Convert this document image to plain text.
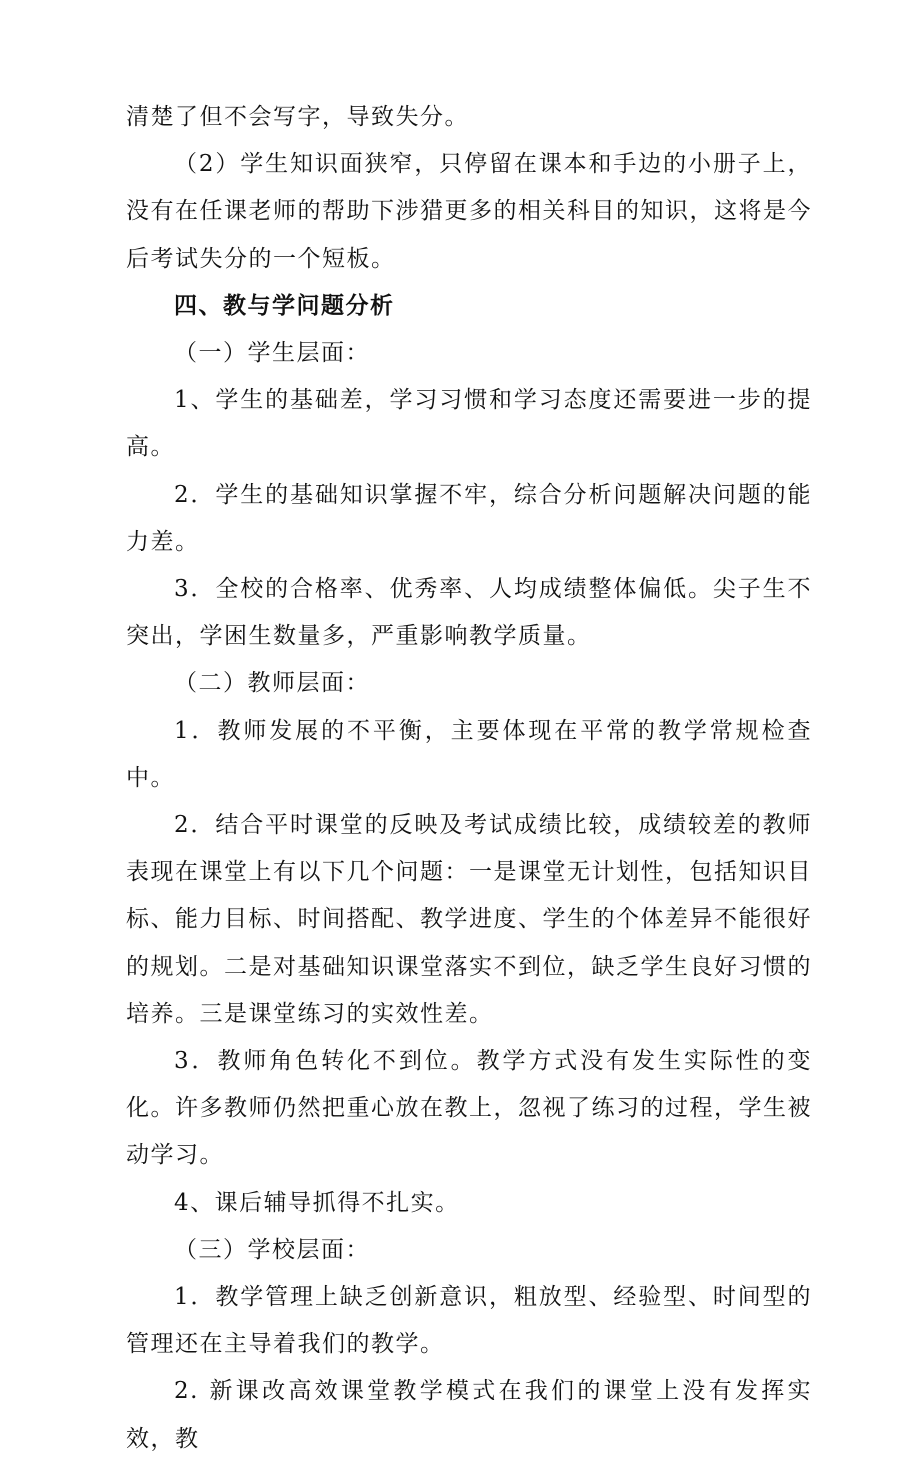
清楚了但不会写字，导致失分。

（2）学生知识面狭窄，只停留在课本和手边的小册子上，没有在任课老师的帮助下涉猎更多的相关科目的知识，这将是今后考试失分的一个短板。

四、教与学问题分析

（一）学生层面：

1、学生的基础差，学习习惯和学习态度还需要进一步的提高。

2．学生的基础知识掌握不牢，综合分析问题解决问题的能力差。

3．全校的合格率、优秀率、人均成绩整体偏低。尖子生不突出，学困生数量多，严重影响教学质量。

（二）教师层面：

1．教师发展的不平衡，主要体现在平常的教学常规检查中。

2．结合平时课堂的反映及考试成绩比较，成绩较差的教师表现在课堂上有以下几个问题：一是课堂无计划性，包括知识目标、能力目标、时间搭配、教学进度、学生的个体差异不能很好的规划。二是对基础知识课堂落实不到位，缺乏学生良好习惯的培养。三是课堂练习的实效性差。

3．教师角色转化不到位。教学方式没有发生实际性的变化。许多教师仍然把重心放在教上，忽视了练习的过程，学生被动学习。

4、课后辅导抓得不扎实。

（三）学校层面：

1．教学管理上缺乏创新意识，粗放型、经验型、时间型的管理还在主导着我们的教学。

2. 新课改高效课堂教学模式在我们的课堂上没有发挥实效，教
